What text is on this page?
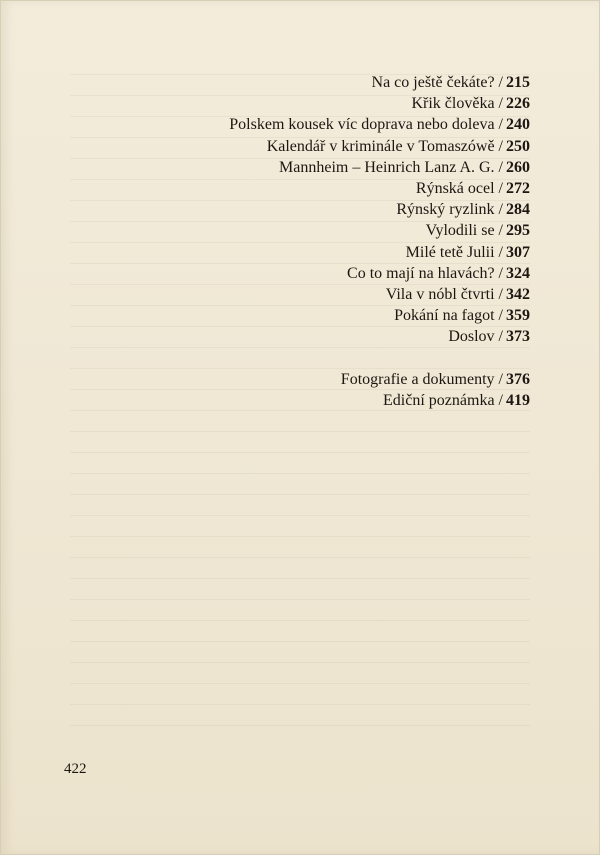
Na co ještě čekáte? / 215
Křik člověka / 226
Polskem kousek víc doprava nebo doleva / 240
Kalendář v kriminále v Tomaszówě / 250
Mannheim – Heinrich Lanz A. G. / 260
Rýnská ocel / 272
Rýnský ryzlink / 284
Vylodili se / 295
Milé tetě Julii / 307
Co to mají na hlavách? / 324
Vila v nóbl čtvrti / 342
Pokání na fagot / 359
Doslov / 373
Fotografie a dokumenty / 376
Ediční poznámka / 419
422
